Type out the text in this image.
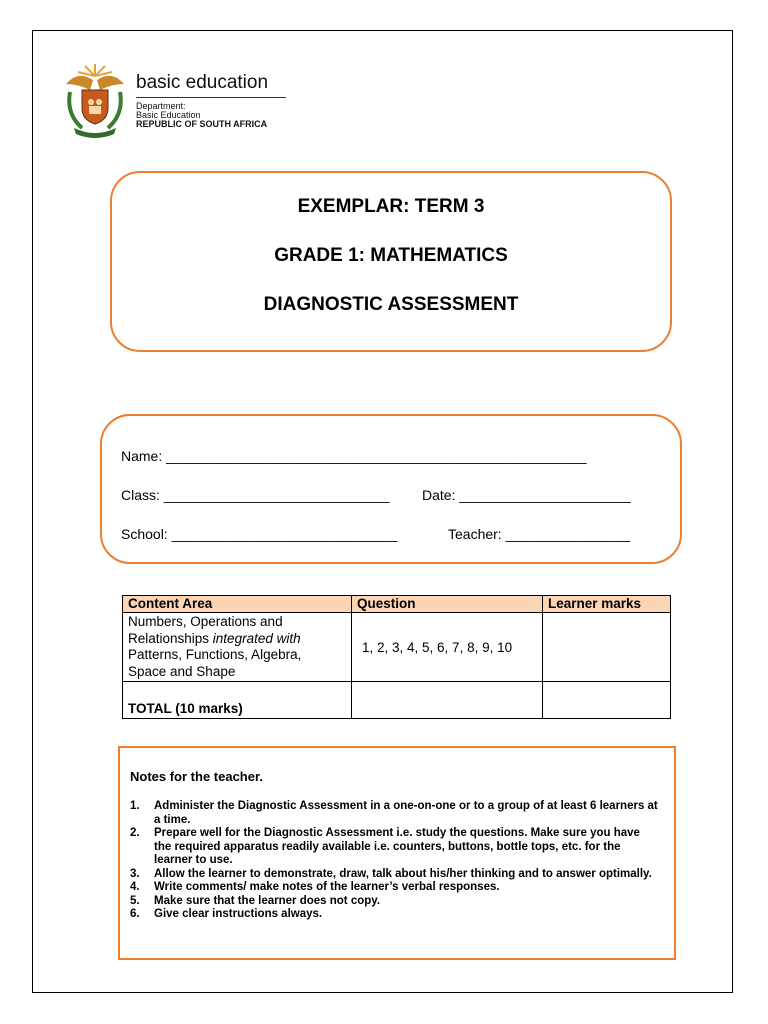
basic education
Department:
Basic Education
REPUBLIC OF SOUTH AFRICA
EXEMPLAR: TERM 3
GRADE 1: MATHEMATICS
DIAGNOSTIC ASSESSMENT
Name: ______________________________________________________
Class: _____________________________ Date: ______________________
School: _____________________________	Teacher: ________________
Content Area	Question	Learner marks
Numbers, Operations and
Relationships integrated with
Patterns, Functions, Algebra,
Space and Shape	1, 2, 3, 4, 5, 6, 7, 8, 9, 10	
TOTAL (10 marks)		
Notes for the teacher.
1. Administer the Diagnostic Assessment in a one-on-one or to a group of at least 6 learners at a time.
2. Prepare well for the Diagnostic Assessment i.e. study the questions. Make sure you have the required apparatus readily available i.e. counters, buttons, bottle tops, etc. for the learner to use.
3. Allow the learner to demonstrate, draw, talk about his/her thinking and to answer optimally.
4. Write comments/ make notes of the learner’s verbal responses.
5. Make sure that the learner does not copy.
6. Give clear instructions always.
